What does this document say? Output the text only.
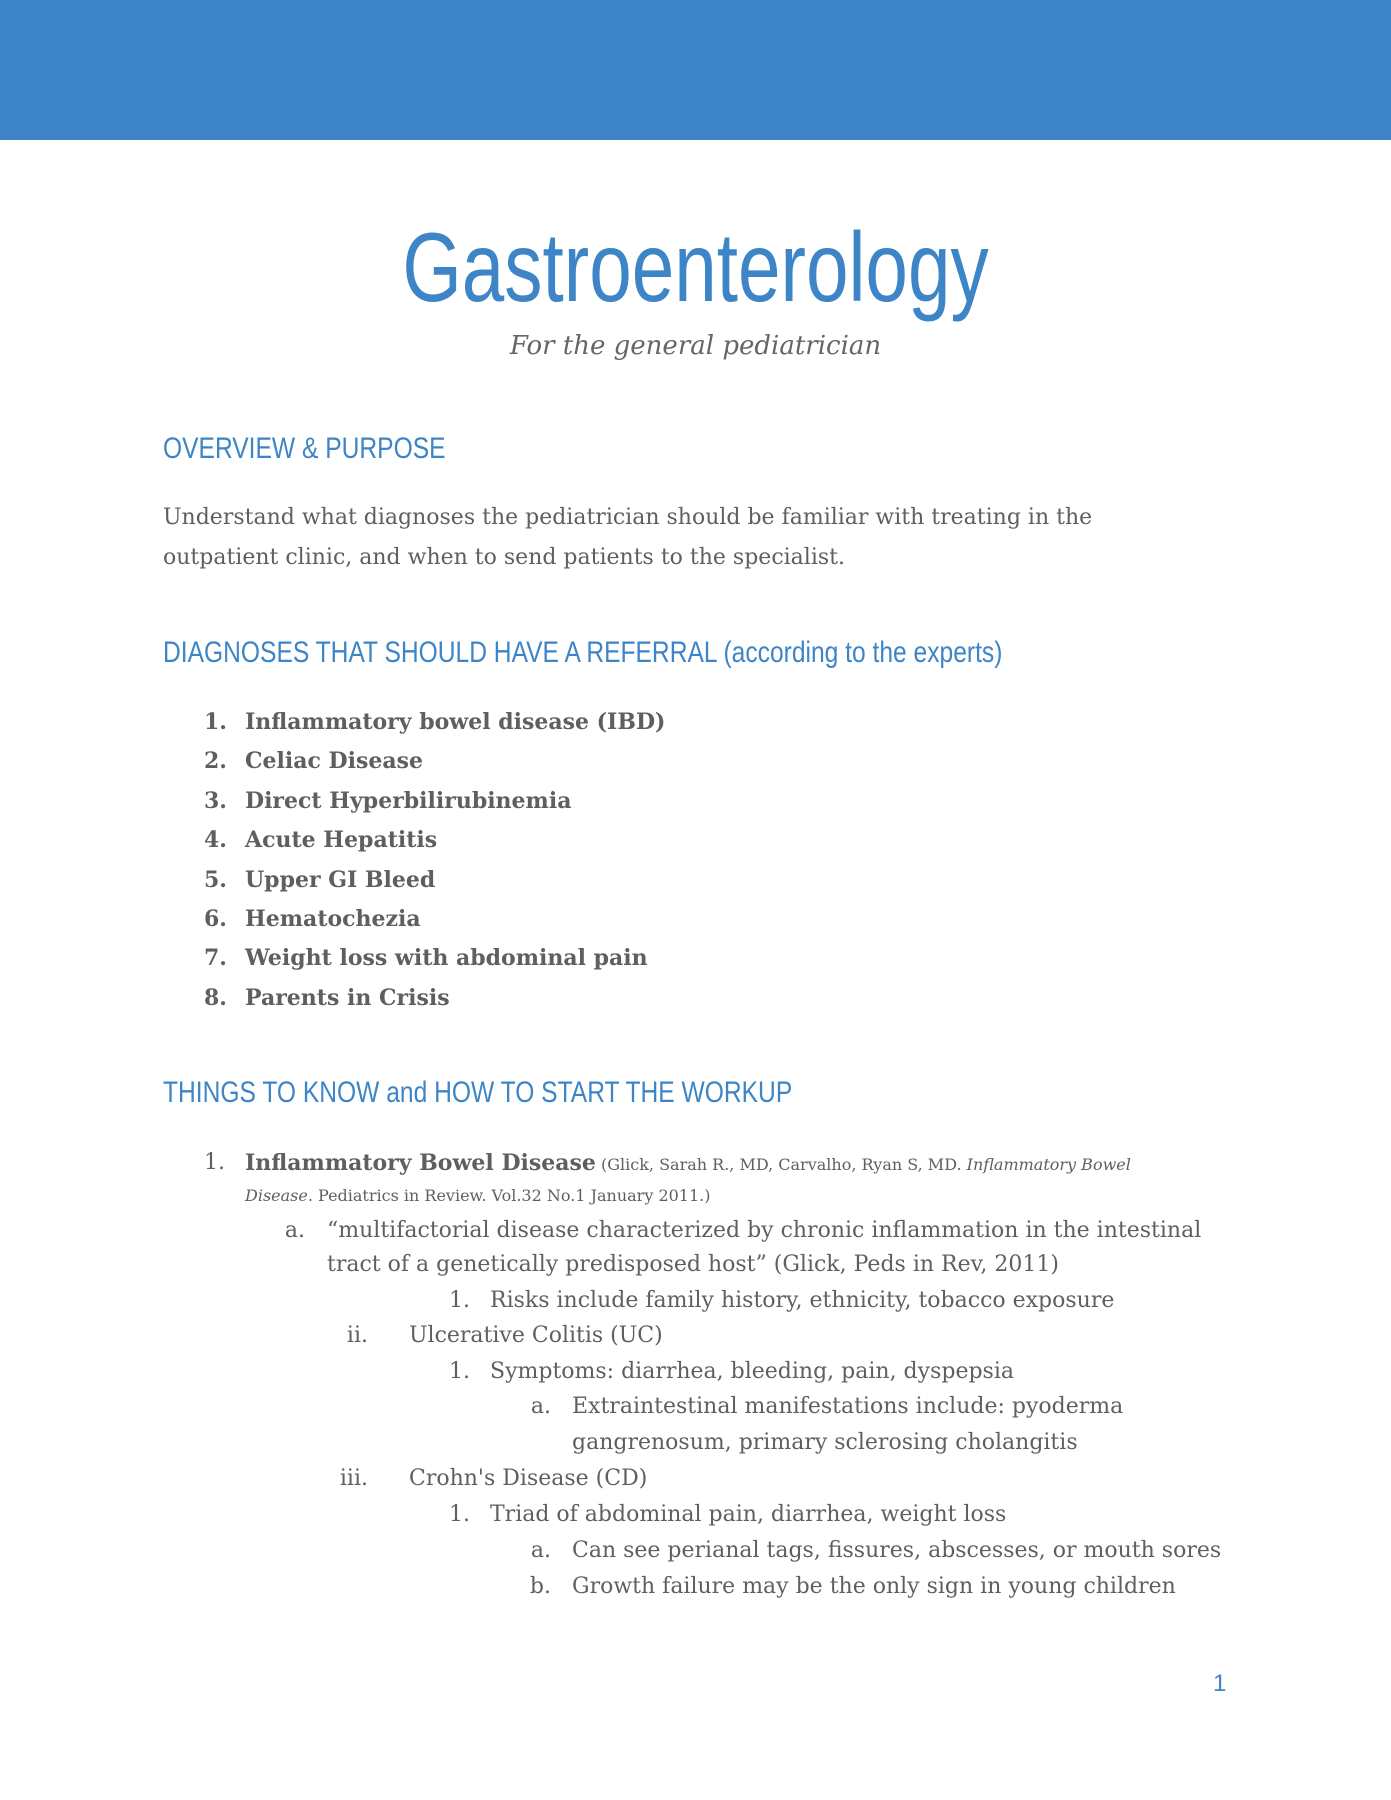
Gastroenterology
For the general pediatrician
OVERVIEW & PURPOSE
Understand what diagnoses the pediatrician should be familiar with treating in the
outpatient clinic, and when to send patients to the specialist.
DIAGNOSES THAT SHOULD HAVE A REFERRAL (according to the experts)
1. Inflammatory bowel disease (IBD)
2. Celiac Disease
3. Direct Hyperbilirubinemia
4. Acute Hepatitis
5. Upper GI Bleed
6. Hematochezia
7. Weight loss with abdominal pain
8. Parents in Crisis
THINGS TO KNOW and HOW TO START THE WORKUP
1. Inflammatory Bowel Disease (Glick, Sarah R., MD, Carvalho, Ryan S, MD. Inflammatory Bowel
Disease. Pediatrics in Review. Vol.32 No.1 January 2011.)
a. “multifactorial disease characterized by chronic inflammation in the intestinal
tract of a genetically predisposed host” (Glick, Peds in Rev, 2011)
1. Risks include family history, ethnicity, tobacco exposure
ii. Ulcerative Colitis (UC)
1. Symptoms: diarrhea, bleeding, pain, dyspepsia
a. Extraintestinal manifestations include: pyoderma
gangrenosum, primary sclerosing cholangitis
iii. Crohn's Disease (CD)
1. Triad of abdominal pain, diarrhea, weight loss
a. Can see perianal tags, fissures, abscesses, or mouth sores
b. Growth failure may be the only sign in young children
1
